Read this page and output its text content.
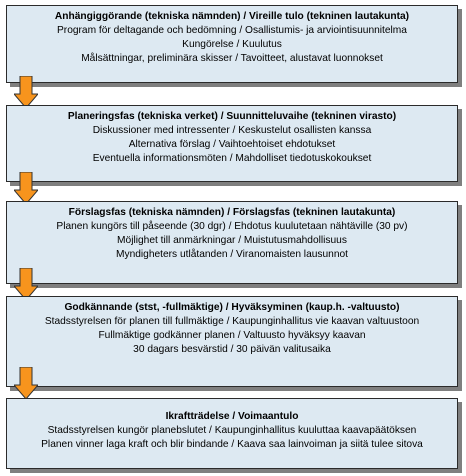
Anhängiggörande (tekniska nämnden) / Vireille tulo (tekninen lautakunta)
Program för deltagande och bedömning / Osallistumis- ja arviointisuunnitelma
Kungörelse / Kuulutus
Målsättningar, preliminära skisser / Tavoitteet, alustavat luonnokset
Planeringsfas (tekniska verket) / Suunnitteluvaihe (tekninen virasto)
Diskussioner med intressenter / Keskustelut osallisten kanssa
Alternativa förslag / Vaihtoehtoiset ehdotukset
Eventuella informationsmöten / Mahdolliset tiedotuskokoukset
Förslagsfas (tekniska nämnden) / Förslagsfas (tekninen lautakunta)
Planen kungörs till påseende (30 dgr) / Ehdotus kuulutetaan nähtäville (30 pv)
Möjlighet till anmärkningar / Muistutusmahdollisuus
Myndigheters utlåtanden / Viranomaisten lausunnot
Godkännande (stst, -fullmäktige) / Hyväksyminen (kaup.h. -valtuusto)
Stadsstyrelsen för planen till fullmäktige / Kaupunginhallitus vie kaavan valtuustoon
Fullmäktige godkänner planen / Valtuusto hyväksyy kaavan
30 dagars besvärstid / 30 päivän valitusaika
Ikraftträdelse / Voimaantulo
Stadsstyrelsen kungör planebslutet / Kaupunginhallitus kuuluttaa kaavapäätöksen
Planen vinner laga kraft och blir bindande / Kaava saa lainvoiman ja siitä tulee sitova
